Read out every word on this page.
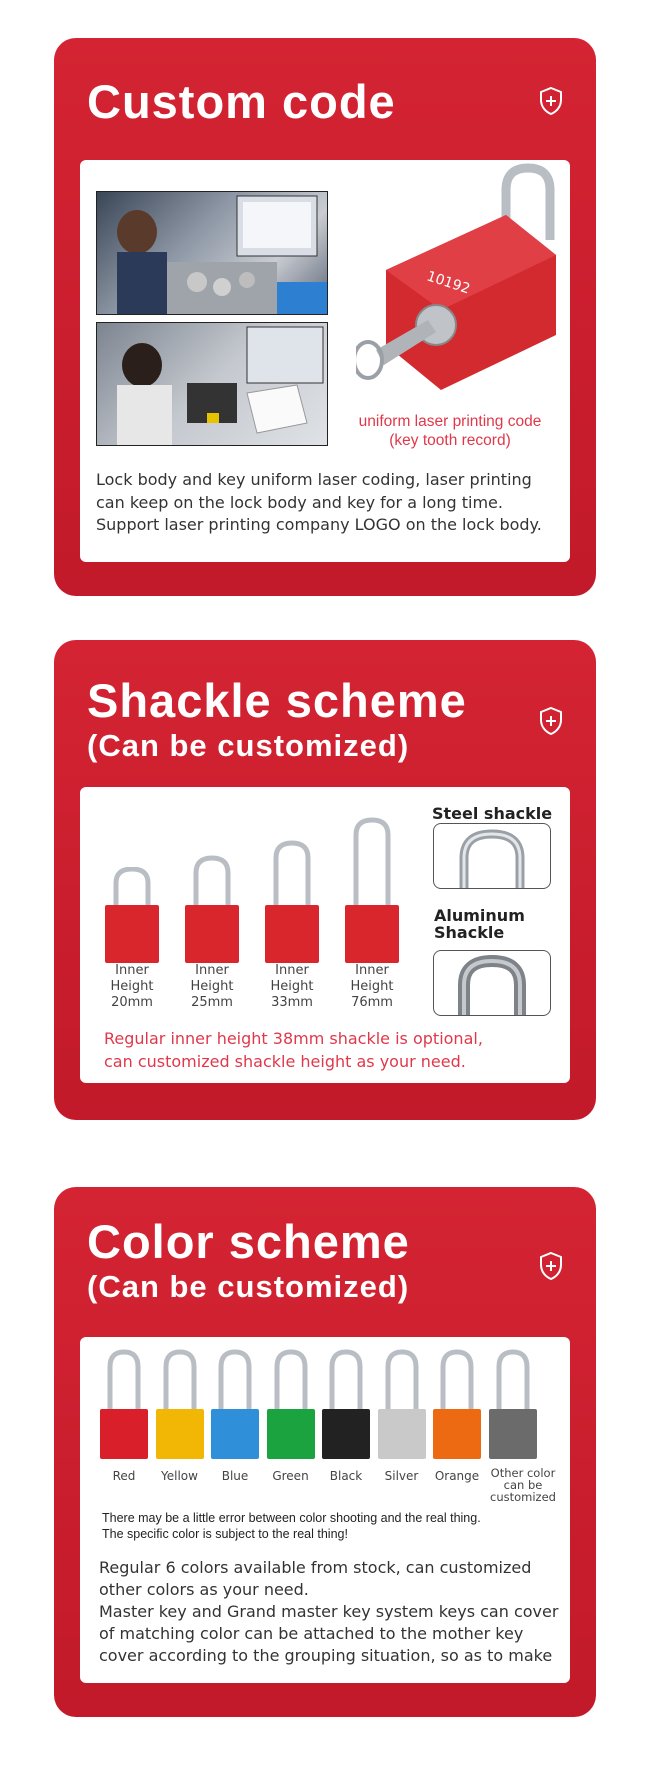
Custom code
10192
uniform laser printing code
(key tooth record)
Lock body and key uniform laser coding, laser printing can keep on the lock body and key for a long time. Support laser printing company LOGO on the lock body.
Shackle scheme
(Can be customized)
Inner
Height
20mm
Inner
Height
25mm
Inner
Height
33mm
Inner
Height
76mm
Steel shackle
Aluminum
Shackle
Regular inner height 38mm shackle is optional,
can customized shackle height as your need.
Color scheme
(Can be customized)
Red	Yellow	Blue	Green	Black	Silver	Orange	Other color
can be
customized
There may be a little error between color shooting and the real thing.
The specific color is subject to the real thing!
Regular 6 colors available from stock, can customized
other colors as your need.
Master key and Grand master key system keys can cover
of matching color can be attached to the mother key
cover according to the grouping situation, so as to make
